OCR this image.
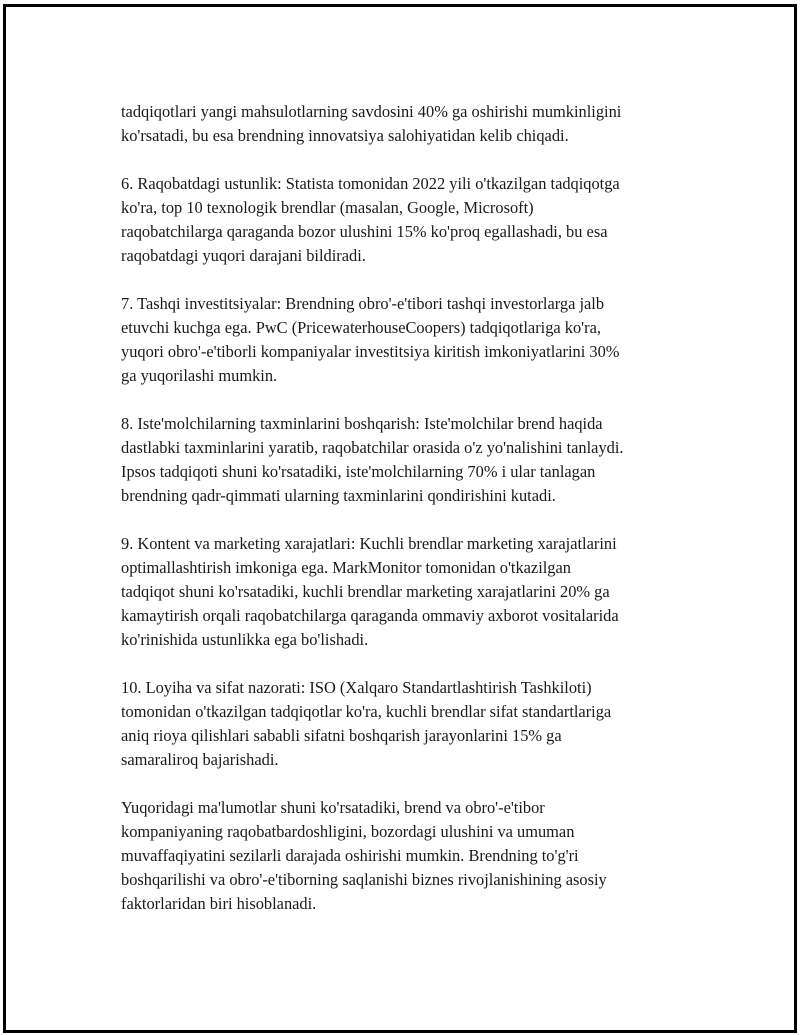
tadqiqotlari yangi mahsulotlarning savdosini 40% ga oshirishi mumkinligini
ko'rsatadi, bu esa brendning innovatsiya salohiyatidan kelib chiqadi.

6. Raqobatdagi ustunlik: Statista tomonidan 2022 yili o'tkazilgan tadqiqotga
ko'ra, top 10 texnologik brendlar (masalan, Google, Microsoft)
raqobatchilarga qaraganda bozor ulushini 15% ko'proq egallashadi, bu esa
raqobatdagi yuqori darajani bildiradi.

7. Tashqi investitsiyalar: Brendning obro'-e'tibori tashqi investorlarga jalb
etuvchi kuchga ega. PwC (PricewaterhouseCoopers) tadqiqotlariga ko'ra,
yuqori obro'-e'tiborli kompaniyalar investitsiya kiritish imkoniyatlarini 30%
ga yuqorilashi mumkin.

8. Iste'molchilarning taxminlarini boshqarish: Iste'molchilar brend haqida
dastlabki taxminlarini yaratib, raqobatchilar orasida o'z yo'nalishini tanlaydi.
Ipsos tadqiqoti shuni ko'rsatadiki, iste'molchilarning 70% i ular tanlagan
brendning qadr-qimmati ularning taxminlarini qondirishini kutadi.

9. Kontent va marketing xarajatlari: Kuchli brendlar marketing xarajatlarini
optimallashtirish imkoniga ega. MarkMonitor tomonidan o'tkazilgan
tadqiqot shuni ko'rsatadiki, kuchli brendlar marketing xarajatlarini 20% ga
kamaytirish orqali raqobatchilarga qaraganda ommaviy axborot vositalarida
ko'rinishida ustunlikka ega bo'lishadi.

10. Loyiha va sifat nazorati: ISO (Xalqaro Standartlashtirish Tashkiloti)
tomonidan o'tkazilgan tadqiqotlar ko'ra, kuchli brendlar sifat standartlariga
aniq rioya qilishlari sababli sifatni boshqarish jarayonlarini 15% ga
samaraliroq bajarishadi.

Yuqoridagi ma'lumotlar shuni ko'rsatadiki, brend va obro'-e'tibor
kompaniyaning raqobatbardoshligini, bozordagi ulushini va umuman
muvaffaqiyatini sezilarli darajada oshirishi mumkin. Brendning to'g'ri
boshqarilishi va obro'-e'tiborning saqlanishi biznes rivojlanishining asosiy
faktorlaridan biri hisoblanadi.
